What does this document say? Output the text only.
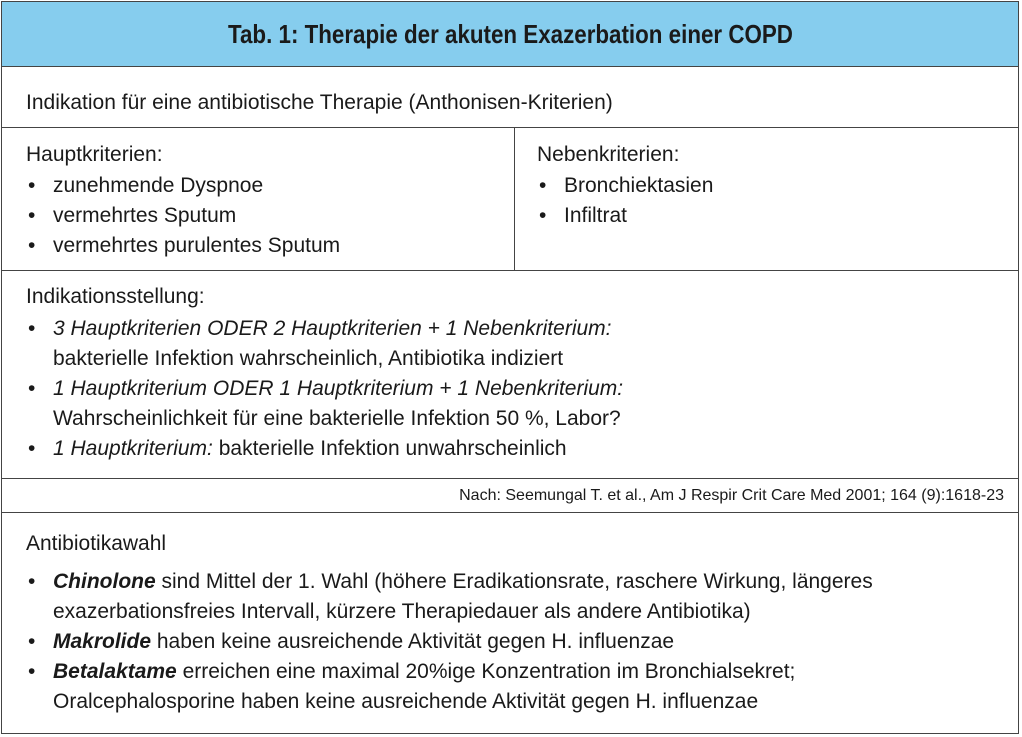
Tab. 1: Therapie der akuten Exazerbation einer COPD
Indikation für eine antibiotische Therapie (Anthonisen-Kriterien)
Hauptkriterien:
• zunehmende Dyspnoe
• vermehrtes Sputum
• vermehrtes purulentes Sputum
Nebenkriterien:
• Bronchiektasien
• Infiltrat
Indikationsstellung:
• 3 Hauptkriterien ODER 2 Hauptkriterien + 1 Nebenkriterium:
bakterielle Infektion wahrscheinlich, Antibiotika indiziert
• 1 Hauptkriterium ODER 1 Hauptkriterium + 1 Nebenkriterium:
Wahrscheinlichkeit für eine bakterielle Infektion 50 %, Labor?
• 1 Hauptkriterium: bakterielle Infektion unwahrscheinlich
Nach: Seemungal T. et al., Am J Respir Crit Care Med 2001; 164 (9):1618-23
Antibiotikawahl
• Chinolone sind Mittel der 1. Wahl (höhere Eradikationsrate, raschere Wirkung, längeres
exazerbationsfreies Intervall, kürzere Therapiedauer als andere Antibiotika)
• Makrolide haben keine ausreichende Aktivität gegen H. influenzae
• Betalaktame erreichen eine maximal 20%ige Konzentration im Bronchialsekret;
Oralcephalosporine haben keine ausreichende Aktivität gegen H. influenzae
